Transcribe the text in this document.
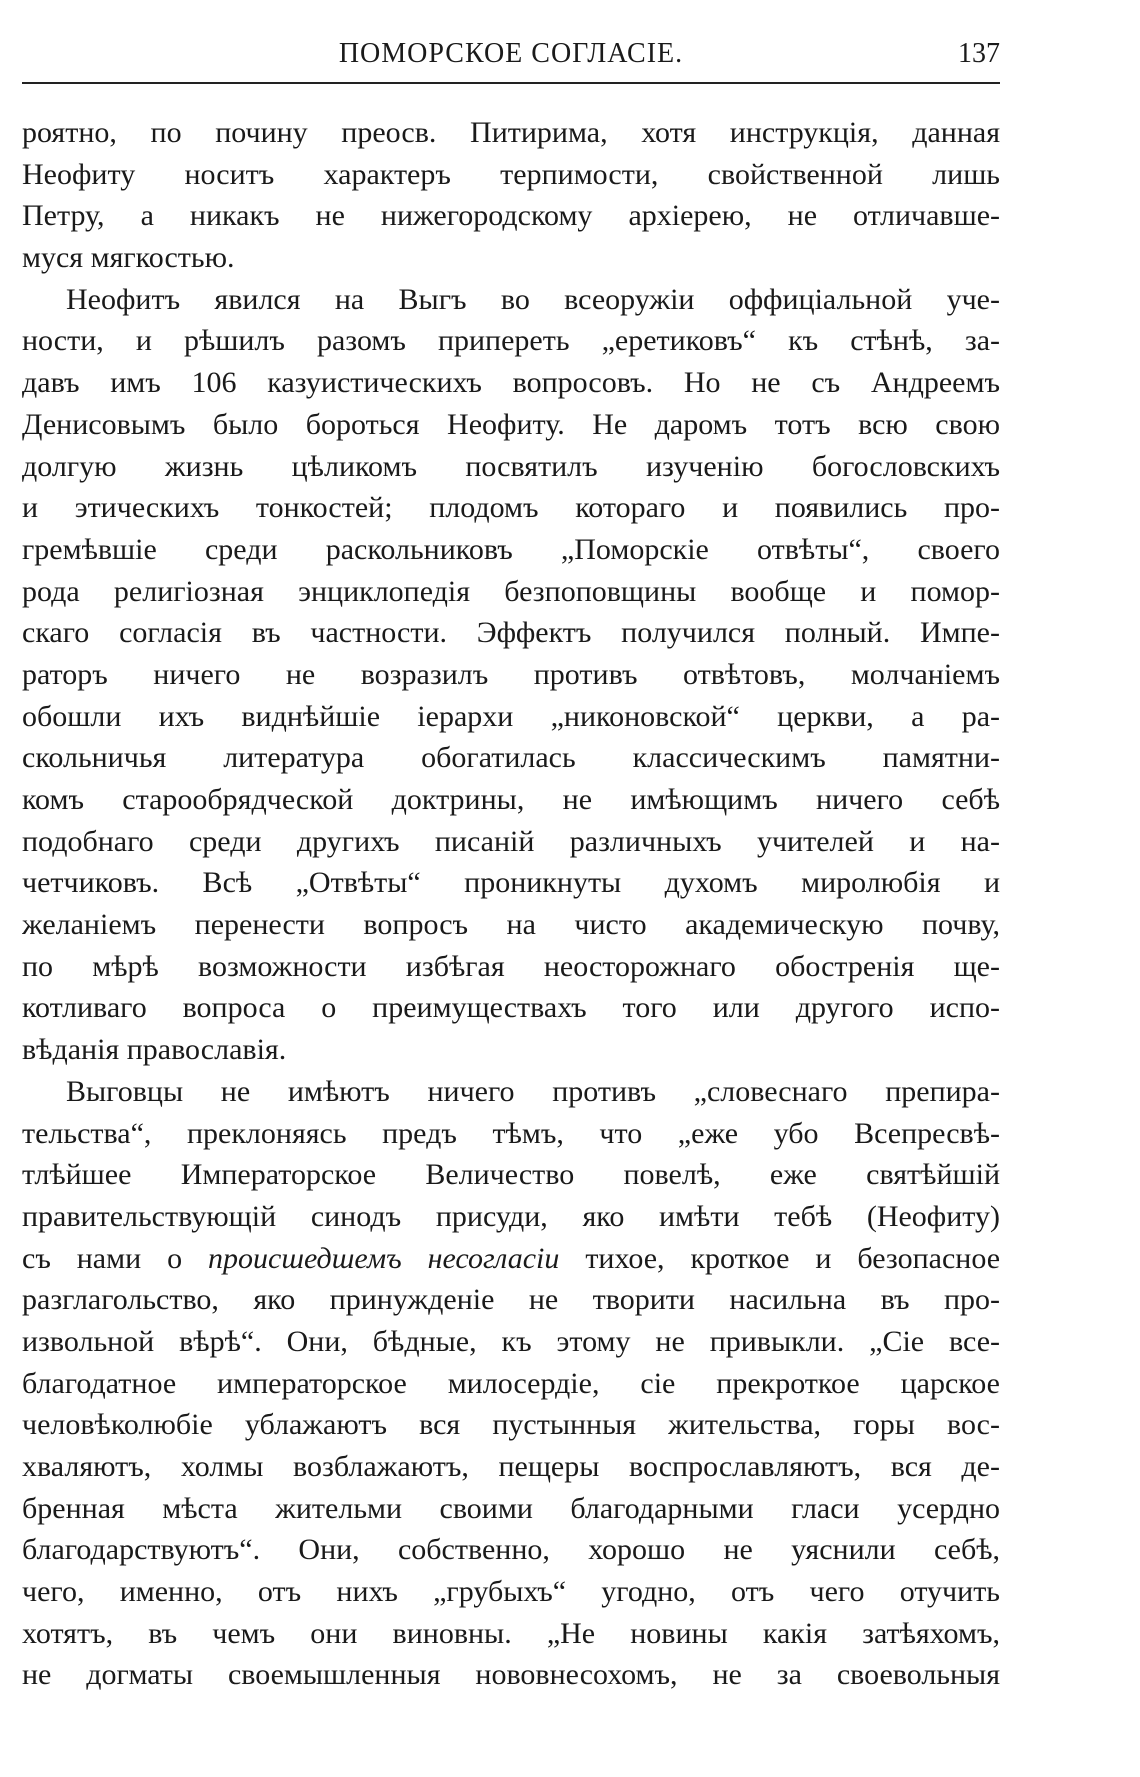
ПОМОРСКОЕ СОГЛАСІЕ.	137
роятно, по почину преосв. Питирима, хотя инструкція, данная
Неофиту носитъ характеръ терпимости, свойственной лишь
Петру, а никакъ не нижегородскому архіерею, не отличавше-
муся мягкостью.
Неофитъ явился на Выгъ во всеоружіи оффиціальной уче-
ности, и рѣшилъ разомъ припереть „еретиковъ“ къ стѣнѣ, за-
давъ имъ 106 казуистическихъ вопросовъ. Но не съ Андреемъ
Денисовымъ было бороться Неофиту. Не даромъ тотъ всю свою
долгую жизнь цѣликомъ посвятилъ изученію богословскихъ
и этическихъ тонкостей; плодомъ котораго и появились про-
гремѣвшіе среди раскольниковъ „Поморскіе отвѣты“, своего
рода религіозная энциклопедія безпоповщины вообще и помор-
скаго согласія въ частности. Эффектъ получился полный. Импе-
раторъ ничего не возразилъ противъ отвѣтовъ, молчаніемъ
обошли ихъ виднѣйшіе іерархи „никоновской“ церкви, а ра-
скольничья литература обогатилась классическимъ памятни-
комъ старообрядческой доктрины, не имѣющимъ ничего себѣ
подобнаго среди другихъ писаній различныхъ учителей и на-
четчиковъ. Всѣ „Отвѣты“ проникнуты духомъ миролюбія и
желаніемъ перенести вопросъ на чисто академическую почву,
по мѣрѣ возможности избѣгая неосторожнаго обостренія ще-
котливаго вопроса о преимуществахъ того или другого испо-
вѣданія православія.
Выговцы не имѣютъ ничего противъ „словеснаго препира-
тельства“, преклоняясь предъ тѣмъ, что „еже убо Всепресвѣ-
тлѣйшее Императорское Величество повелѣ, еже святѣйшій
правительствующій синодъ присуди, яко имѣти тебѣ (Неофиту)
съ нами о происшедшемъ несогласіи тихое, кроткое и безопасное
разглагольство, яко принужденіе не творити насильна въ про-
извольной вѣрѣ“. Они, бѣдные, къ этому не привыкли. „Сіе все-
благодатное императорское милосердіе, сіе прекроткое царское
человѣколюбіе ублажаютъ вся пустынныя жительства, горы вос-
хваляютъ, холмы возблажаютъ, пещеры воспрославляютъ, вся де-
бренная мѣста жительми своими благодарными гласи усердно
благодарствуютъ“. Они, собственно, хорошо не уяснили себѣ,
чего, именно, отъ нихъ „грубыхъ“ угодно, отъ чего отучить
хотятъ, въ чемъ они виновны. „Не новины какія затѣяхомъ,
не догматы своемышленныя нововнесохомъ, не за своевольныя
